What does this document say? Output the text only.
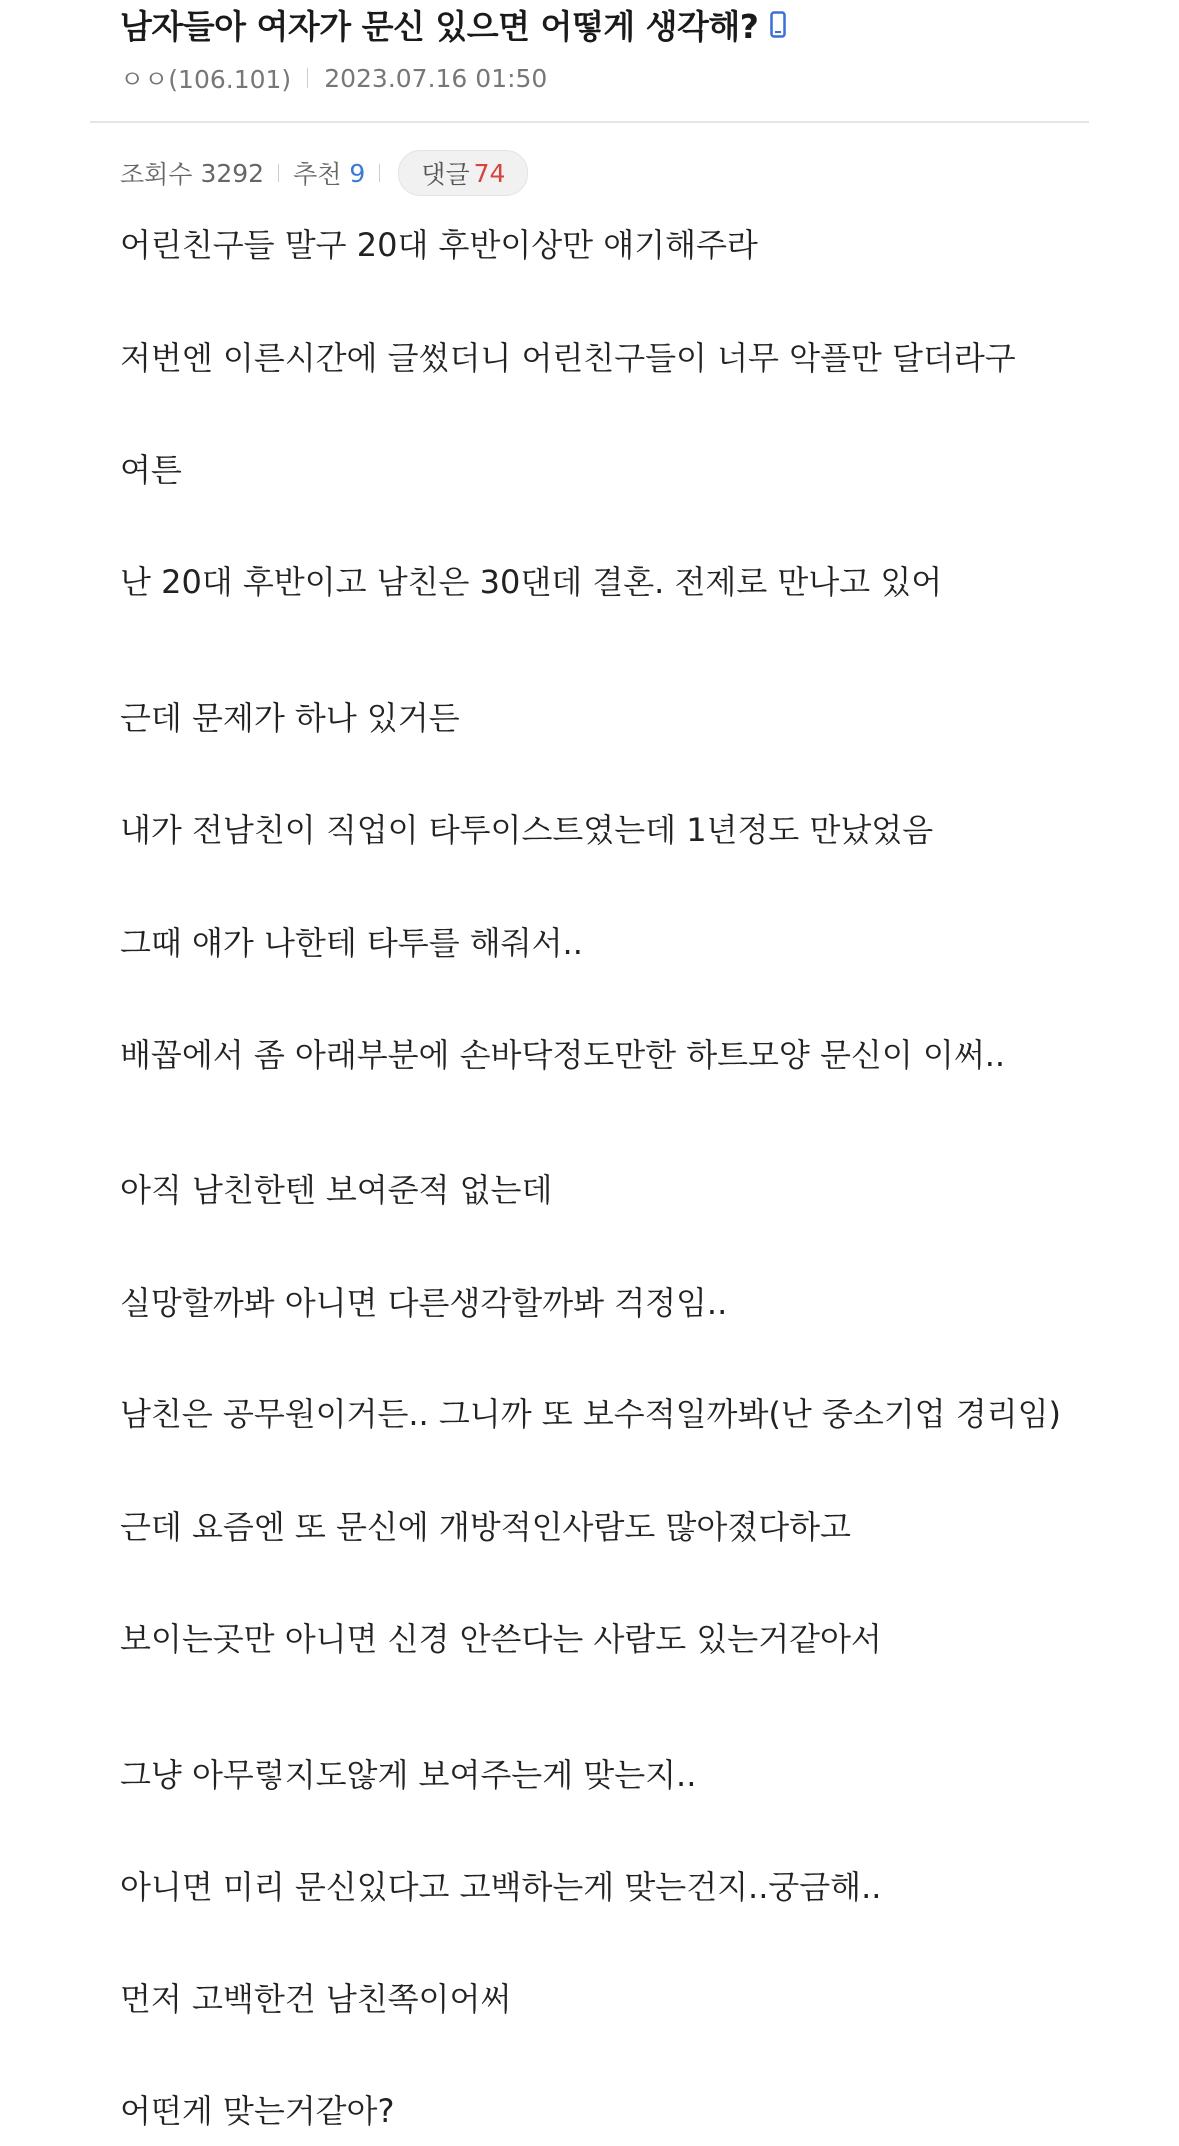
남자들아 여자가 문신 있으면 어떻게 생각해?
ㅇㅇ(106.101) 2023.07.16 01:50
조회수 3292 추천 9 댓글 74
어린친구들 말구 20대 후반이상만 얘기해주라
저번엔 이른시간에 글썼더니 어린친구들이 너무 악플만 달더라구
여튼
난 20대 후반이고 남친은 30댄데 결혼. 전제로 만나고 있어
근데 문제가 하나 있거든
내가 전남친이 직업이 타투이스트였는데 1년정도 만났었음
그때 얘가 나한테 타투를 해줘서..
배꼽에서 좀 아래부분에 손바닥정도만한 하트모양 문신이 이써..
아직 남친한텐 보여준적 없는데
실망할까봐 아니면 다른생각할까봐 걱정임..
남친은 공무원이거든.. 그니까 또 보수적일까봐(난 중소기업 경리임)
근데 요즘엔 또 문신에 개방적인사람도 많아졌다하고
보이는곳만 아니면 신경 안쓴다는 사람도 있는거같아서
그냥 아무렇지도않게 보여주는게 맞는지..
아니면 미리 문신있다고 고백하는게 맞는건지..궁금해..
먼저 고백한건 남친쪽이어써
어떤게 맞는거같아?
